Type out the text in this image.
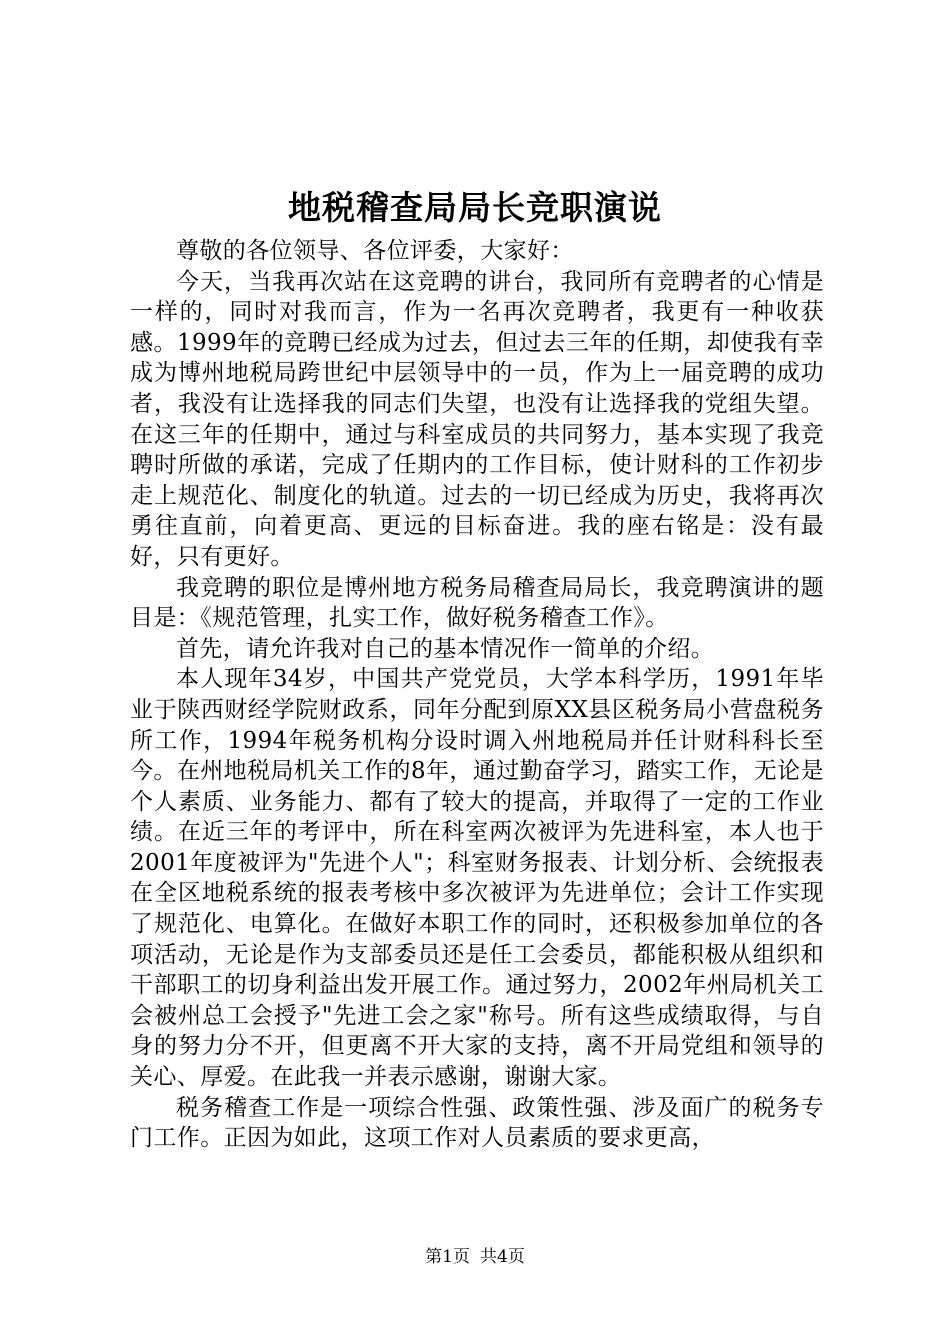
地税稽查局局长竞职演说

尊敬的各位领导、各位评委，大家好：

今天，当我再次站在这竞聘的讲台，我同所有竞聘者的心情是一样的，同时对我而言，作为一名再次竞聘者，我更有一种收获感。1999年的竞聘已经成为过去，但过去三年的任期，却使我有幸成为博州地税局跨世纪中层领导中的一员，作为上一届竞聘的成功者，我没有让选择我的同志们失望，也没有让选择我的党组失望。在这三年的任期中，通过与科室成员的共同努力，基本实现了我竞聘时所做的承诺，完成了任期内的工作目标，使计财科的工作初步走上规范化、制度化的轨道。过去的一切已经成为历史，我将再次勇往直前，向着更高、更远的目标奋进。我的座右铭是：没有最好，只有更好。

我竞聘的职位是博州地方税务局稽查局局长，我竞聘演讲的题目是：《规范管理，扎实工作，做好税务稽查工作》。

首先，请允许我对自己的基本情况作一简单的介绍。

本人现年34岁，中国共产党党员，大学本科学历，1991年毕业于陕西财经学院财政系，同年分配到原XX县区税务局小营盘税务所工作，1994年税务机构分设时调入州地税局并任计财科科长至今。在州地税局机关工作的8年，通过勤奋学习，踏实工作，无论是个人素质、业务能力、都有了较大的提高，并取得了一定的工作业绩。在近三年的考评中，所在科室两次被评为先进科室，本人也于2001年度被评为"先进个人"；科室财务报表、计划分析、会统报表在全区地税系统的报表考核中多次被评为先进单位；会计工作实现了规范化、电算化。在做好本职工作的同时，还积极参加单位的各项活动，无论是作为支部委员还是任工会委员，都能积极从组织和干部职工的切身利益出发开展工作。通过努力，2002年州局机关工会被州总工会授予"先进工会之家"称号。所有这些成绩取得，与自身的努力分不开，但更离不开大家的支持，离不开局党组和领导的关心、厚爱。在此我一并表示感谢，谢谢大家。

税务稽查工作是一项综合性强、政策性强、涉及面广的税务专门工作。正因为如此，这项工作对人员素质的要求更高，

第1页 共4页
